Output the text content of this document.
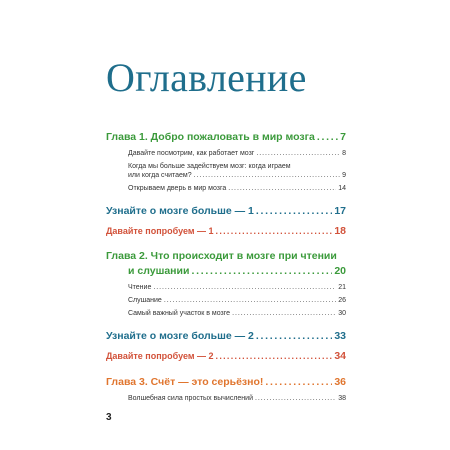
Оглавление
Глава 1. Добро пожаловать в мир мозга . . . 7
Давайте посмотрим, как работает мозг . . .	8
Когда мы больше задействуем мозг: когда играем
или когда считаем? . . .	9
Открываем дверь в мир мозга . . .	14
Узнайте о мозге больше — 1 . . .	17
Давайте попробуем — 1 . . .	18
Глава 2. Что происходит в мозге при чтении
и слушании . . .	20
Чтение . . .	21
Слушание . . .	26
Самый важный участок в мозге . . .	30
Узнайте о мозге больше — 2 . . .	33
Давайте попробуем — 2 . . .	34
Глава 3. Счёт — это серьёзно! . . .	36
Волшебная сила простых вычислений . . .	38
3
